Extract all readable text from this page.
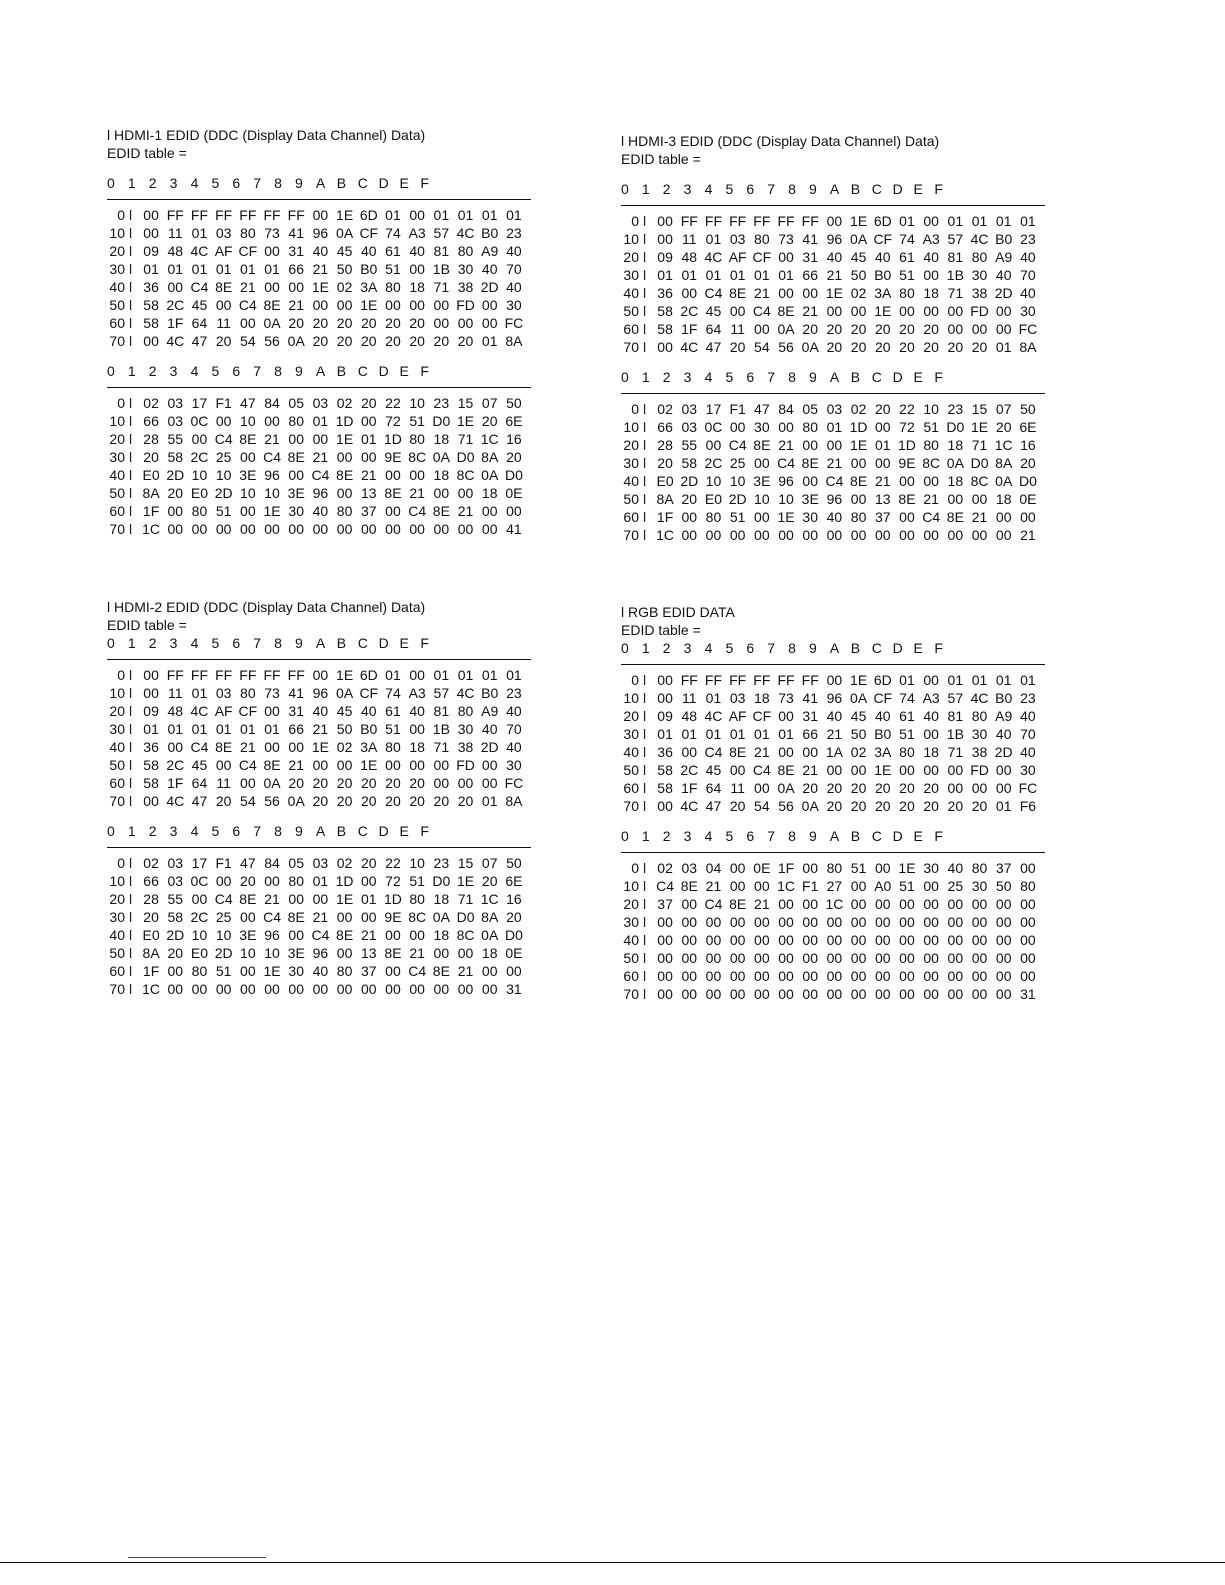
l HDMI-1 EDID (DDC (Display Data Channel) Data)
EDID table =
0 1 2 3 4 5 6 7 8 9 A B C D E F
0 l 00 FF FF FF FF FF FF 00 1E 6D 01 00 01 01 01 01
10 l 00 11 01 03 80 73 41 96 0A CF 74 A3 57 4C B0 23
20 l 09 48 4C AF CF 00 31 40 45 40 61 40 81 80 A9 40
30 l 01 01 01 01 01 01 66 21 50 B0 51 00 1B 30 40 70
40 l 36 00 C4 8E 21 00 00 1E 02 3A 80 18 71 38 2D 40
50 l 58 2C 45 00 C4 8E 21 00 00 1E 00 00 00 FD 00 30
60 l 58 1F 64 11 00 0A 20 20 20 20 20 20 00 00 00 FC
70 l 00 4C 47 20 54 56 0A 20 20 20 20 20 20 20 01 8A
0 1 2 3 4 5 6 7 8 9 A B C D E F
0 l 02 03 17 F1 47 84 05 03 02 20 22 10 23 15 07 50
10 l 66 03 0C 00 10 00 80 01 1D 00 72 51 D0 1E 20 6E
20 l 28 55 00 C4 8E 21 00 00 1E 01 1D 80 18 71 1C 16
30 l 20 58 2C 25 00 C4 8E 21 00 00 9E 8C 0A D0 8A 20
40 l E0 2D 10 10 3E 96 00 C4 8E 21 00 00 18 8C 0A D0
50 l 8A 20 E0 2D 10 10 3E 96 00 13 8E 21 00 00 18 0E
60 l 1F 00 80 51 00 1E 30 40 80 37 00 C4 8E 21 00 00
70 l 1C 00 00 00 00 00 00 00 00 00 00 00 00 00 00 41
l HDMI-2 EDID (DDC (Display Data Channel) Data)
EDID table =
0 1 2 3 4 5 6 7 8 9 A B C D E F
0 l 00 FF FF FF FF FF FF 00 1E 6D 01 00 01 01 01 01
10 l 00 11 01 03 80 73 41 96 0A CF 74 A3 57 4C B0 23
20 l 09 48 4C AF CF 00 31 40 45 40 61 40 81 80 A9 40
30 l 01 01 01 01 01 01 66 21 50 B0 51 00 1B 30 40 70
40 l 36 00 C4 8E 21 00 00 1E 02 3A 80 18 71 38 2D 40
50 l 58 2C 45 00 C4 8E 21 00 00 1E 00 00 00 FD 00 30
60 l 58 1F 64 11 00 0A 20 20 20 20 20 20 00 00 00 FC
70 l 00 4C 47 20 54 56 0A 20 20 20 20 20 20 20 01 8A
0 1 2 3 4 5 6 7 8 9 A B C D E F
0 l 02 03 17 F1 47 84 05 03 02 20 22 10 23 15 07 50
10 l 66 03 0C 00 20 00 80 01 1D 00 72 51 D0 1E 20 6E
20 l 28 55 00 C4 8E 21 00 00 1E 01 1D 80 18 71 1C 16
30 l 20 58 2C 25 00 C4 8E 21 00 00 9E 8C 0A D0 8A 20
40 l E0 2D 10 10 3E 96 00 C4 8E 21 00 00 18 8C 0A D0
50 l 8A 20 E0 2D 10 10 3E 96 00 13 8E 21 00 00 18 0E
60 l 1F 00 80 51 00 1E 30 40 80 37 00 C4 8E 21 00 00
70 l 1C 00 00 00 00 00 00 00 00 00 00 00 00 00 00 31
l HDMI-3 EDID (DDC (Display Data Channel) Data)
EDID table =
0 1 2 3 4 5 6 7 8 9 A B C D E F
0 l 00 FF FF FF FF FF FF 00 1E 6D 01 00 01 01 01 01
10 l 00 11 01 03 80 73 41 96 0A CF 74 A3 57 4C B0 23
20 l 09 48 4C AF CF 00 31 40 45 40 61 40 81 80 A9 40
30 l 01 01 01 01 01 01 66 21 50 B0 51 00 1B 30 40 70
40 l 36 00 C4 8E 21 00 00 1E 02 3A 80 18 71 38 2D 40
50 l 58 2C 45 00 C4 8E 21 00 00 1E 00 00 00 FD 00 30
60 l 58 1F 64 11 00 0A 20 20 20 20 20 20 00 00 00 FC
70 l 00 4C 47 20 54 56 0A 20 20 20 20 20 20 20 01 8A
0 1 2 3 4 5 6 7 8 9 A B C D E F
0 l 02 03 17 F1 47 84 05 03 02 20 22 10 23 15 07 50
10 l 66 03 0C 00 30 00 80 01 1D 00 72 51 D0 1E 20 6E
20 l 28 55 00 C4 8E 21 00 00 1E 01 1D 80 18 71 1C 16
30 l 20 58 2C 25 00 C4 8E 21 00 00 9E 8C 0A D0 8A 20
40 l E0 2D 10 10 3E 96 00 C4 8E 21 00 00 18 8C 0A D0
50 l 8A 20 E0 2D 10 10 3E 96 00 13 8E 21 00 00 18 0E
60 l 1F 00 80 51 00 1E 30 40 80 37 00 C4 8E 21 00 00
70 l 1C 00 00 00 00 00 00 00 00 00 00 00 00 00 00 21
l RGB EDID DATA
EDID table =
0 1 2 3 4 5 6 7 8 9 A B C D E F
0 l 00 FF FF FF FF FF FF 00 1E 6D 01 00 01 01 01 01
10 l 00 11 01 03 18 73 41 96 0A CF 74 A3 57 4C B0 23
20 l 09 48 4C AF CF 00 31 40 45 40 61 40 81 80 A9 40
30 l 01 01 01 01 01 01 66 21 50 B0 51 00 1B 30 40 70
40 l 36 00 C4 8E 21 00 00 1A 02 3A 80 18 71 38 2D 40
50 l 58 2C 45 00 C4 8E 21 00 00 1E 00 00 00 FD 00 30
60 l 58 1F 64 11 00 0A 20 20 20 20 20 20 00 00 00 FC
70 l 00 4C 47 20 54 56 0A 20 20 20 20 20 20 20 01 F6
0 1 2 3 4 5 6 7 8 9 A B C D E F
0 l 02 03 04 00 0E 1F 00 80 51 00 1E 30 40 80 37 00
10 l C4 8E 21 00 00 1C F1 27 00 A0 51 00 25 30 50 80
20 l 37 00 C4 8E 21 00 00 1C 00 00 00 00 00 00 00 00
30 l 00 00 00 00 00 00 00 00 00 00 00 00 00 00 00 00
40 l 00 00 00 00 00 00 00 00 00 00 00 00 00 00 00 00
50 l 00 00 00 00 00 00 00 00 00 00 00 00 00 00 00 00
60 l 00 00 00 00 00 00 00 00 00 00 00 00 00 00 00 00
70 l 00 00 00 00 00 00 00 00 00 00 00 00 00 00 00 31
